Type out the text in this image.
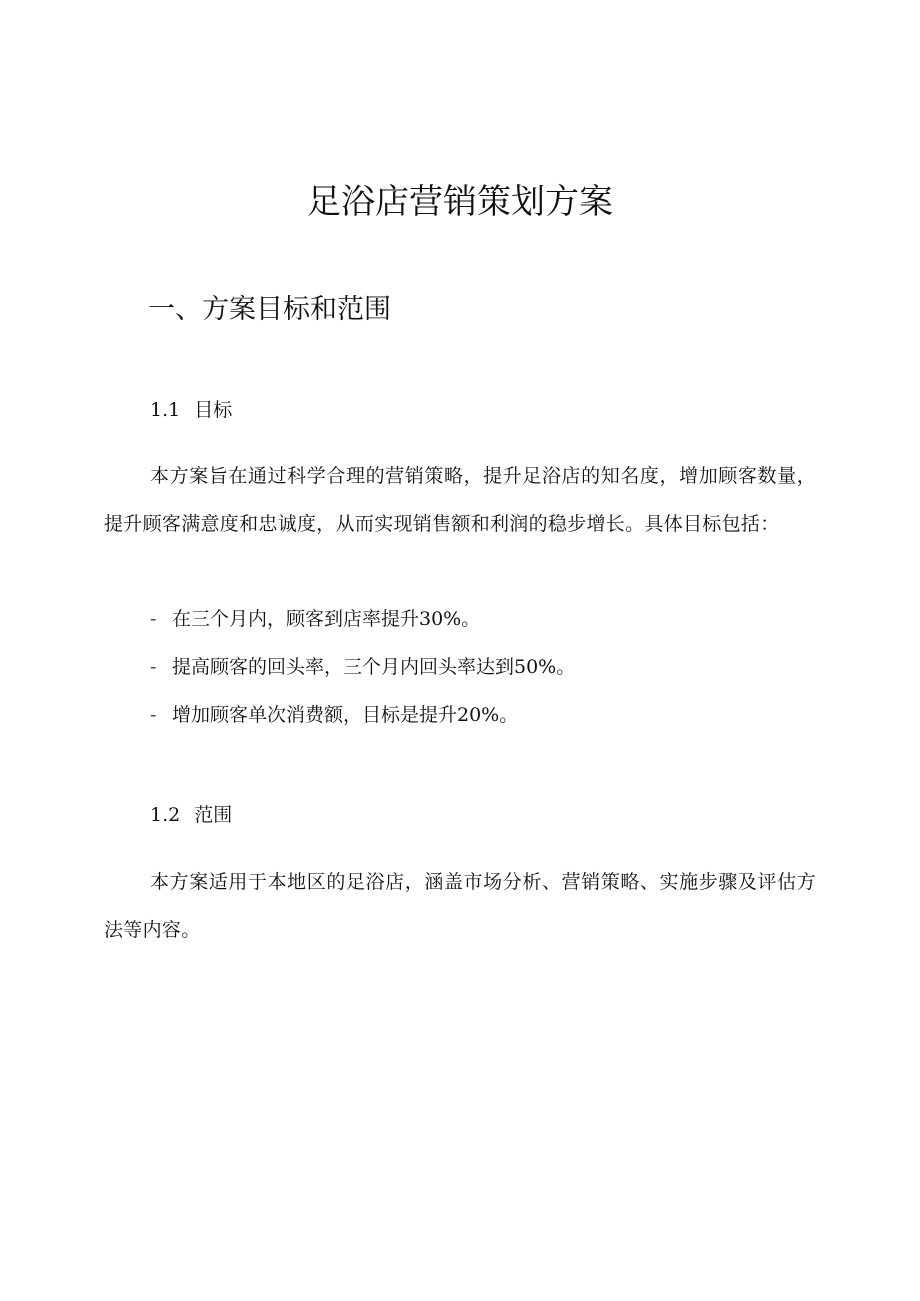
足浴店营销策划方案
一、方案目标和范围
1.1 目标

本方案旨在通过科学合理的营销策略，提升足浴店的知名度，增加顾客数量，提升顾客满意度和忠诚度，从而实现销售额和利润的稳步增长。具体目标包括：

- 在三个月内，顾客到店率提升30%。

- 提高顾客的回头率，三个月内回头率达到50%。

- 增加顾客单次消费额，目标是提升20%。

1.2 范围

本方案适用于本地区的足浴店，涵盖市场分析、营销策略、实施步骤及评估方法等内容。
